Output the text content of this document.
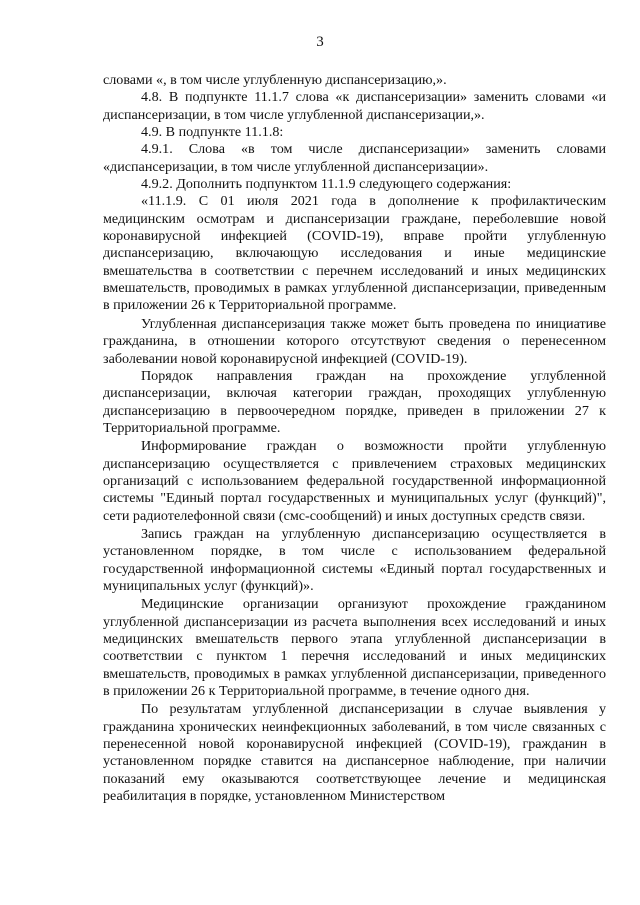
3

словами «, в том числе углубленную диспансеризацию,».

4.8. В подпункте 11.1.7 слова «к диспансеризации» заменить словами «и диспансеризации, в том числе углубленной диспансеризации,».

4.9. В подпункте 11.1.8:

4.9.1. Слова «в том числе диспансеризации» заменить словами «диспансеризации, в том числе углубленной диспансеризации».

4.9.2. Дополнить подпунктом 11.1.9 следующего содержания:

«11.1.9. С 01 июля 2021 года в дополнение к профилактическим медицинским осмотрам и диспансеризации граждане, переболевшие новой коронавирусной инфекцией (COVID-19), вправе пройти углубленную диспансеризацию, включающую исследования и иные медицинские вмешательства в соответствии с перечнем исследований и иных медицинских вмешательств, проводимых в рамках углубленной диспансеризации, приведенным в приложении 26 к Территориальной программе.

Углубленная диспансеризация также может быть проведена по инициативе гражданина, в отношении которого отсутствуют сведения о перенесенном заболевании новой коронавирусной инфекцией (COVID-19).

Порядок направления граждан на прохождение углубленной диспансеризации, включая категории граждан, проходящих углубленную диспансеризацию в первоочередном порядке, приведен в приложении 27 к Территориальной программе.

Информирование граждан о возможности пройти углубленную диспансеризацию осуществляется с привлечением страховых медицинских организаций с использованием федеральной государственной информационной системы "Единый портал государственных и муниципальных услуг (функций)", сети радиотелефонной связи (смс-сообщений) и иных доступных средств связи.

Запись граждан на углубленную диспансеризацию осуществляется в установленном порядке, в том числе с использованием федеральной государственной информационной системы «Единый портал государственных и муниципальных услуг (функций)».

Медицинские организации организуют прохождение гражданином углубленной диспансеризации из расчета выполнения всех исследований и иных медицинских вмешательств первого этапа углубленной диспансеризации в соответствии с пунктом 1 перечня исследований и иных медицинских вмешательств, проводимых в рамках углубленной диспансеризации, приведенного в приложении 26 к Территориальной программе, в течение одного дня.

По результатам углубленной диспансеризации в случае выявления у гражданина хронических неинфекционных заболеваний, в том числе связанных с перенесенной новой коронавирусной инфекцией (COVID-19), гражданин в установленном порядке ставится на диспансерное наблюдение, при наличии показаний ему оказываются соответствующее лечение и медицинская реабилитация в порядке, установленном Министерством
